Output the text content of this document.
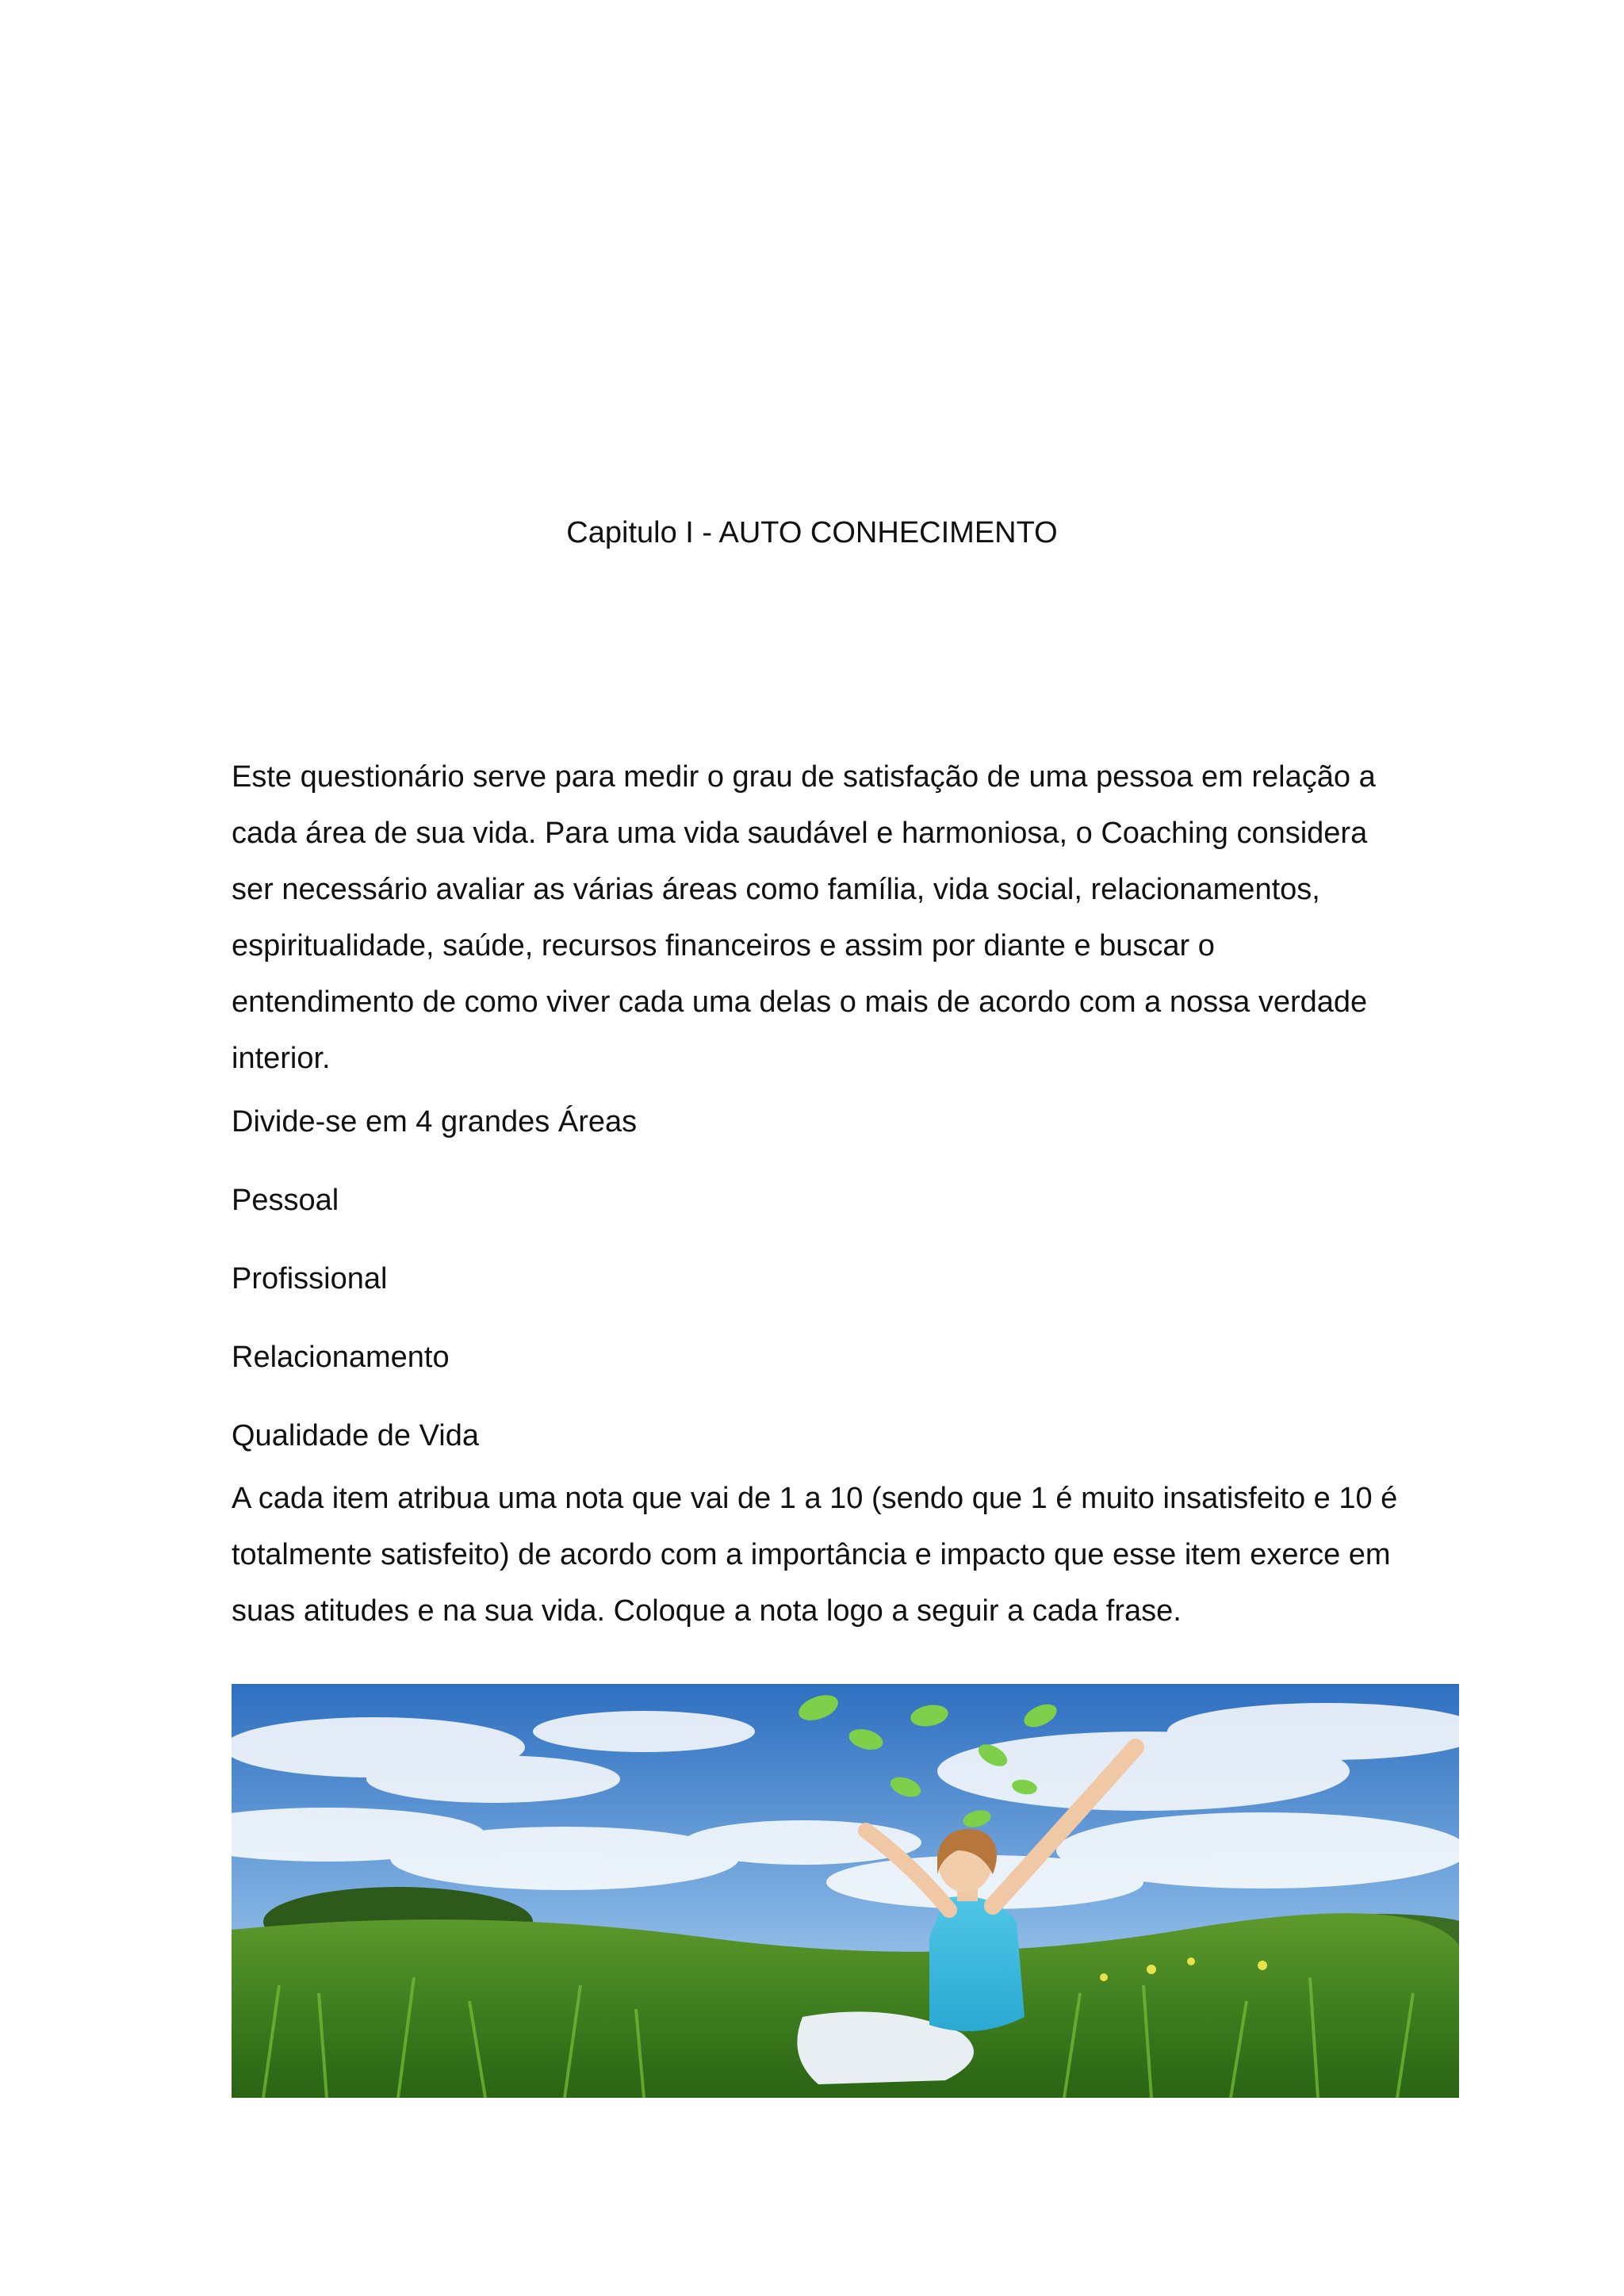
Capitulo I - AUTO CONHECIMENTO

Este questionário serve para medir o grau de satisfação de uma pessoa em relação a cada área de sua vida. Para uma vida saudável e harmoniosa, o Coaching considera ser necessário avaliar as várias áreas como família, vida social, relacionamentos, espiritualidade, saúde, recursos financeiros e assim por diante e buscar o entendimento de como viver cada uma delas o mais de acordo com a nossa verdade interior.

Divide-se em 4 grandes Áreas

Pessoal

Profissional

Relacionamento

Qualidade de Vida

A cada item atribua uma nota que vai de 1 a 10 (sendo que 1 é muito insatisfeito e 10 é totalmente satisfeito) de acordo com a importância e impacto que esse item exerce em suas atitudes e na sua vida. Coloque a nota logo a seguir a cada frase.
